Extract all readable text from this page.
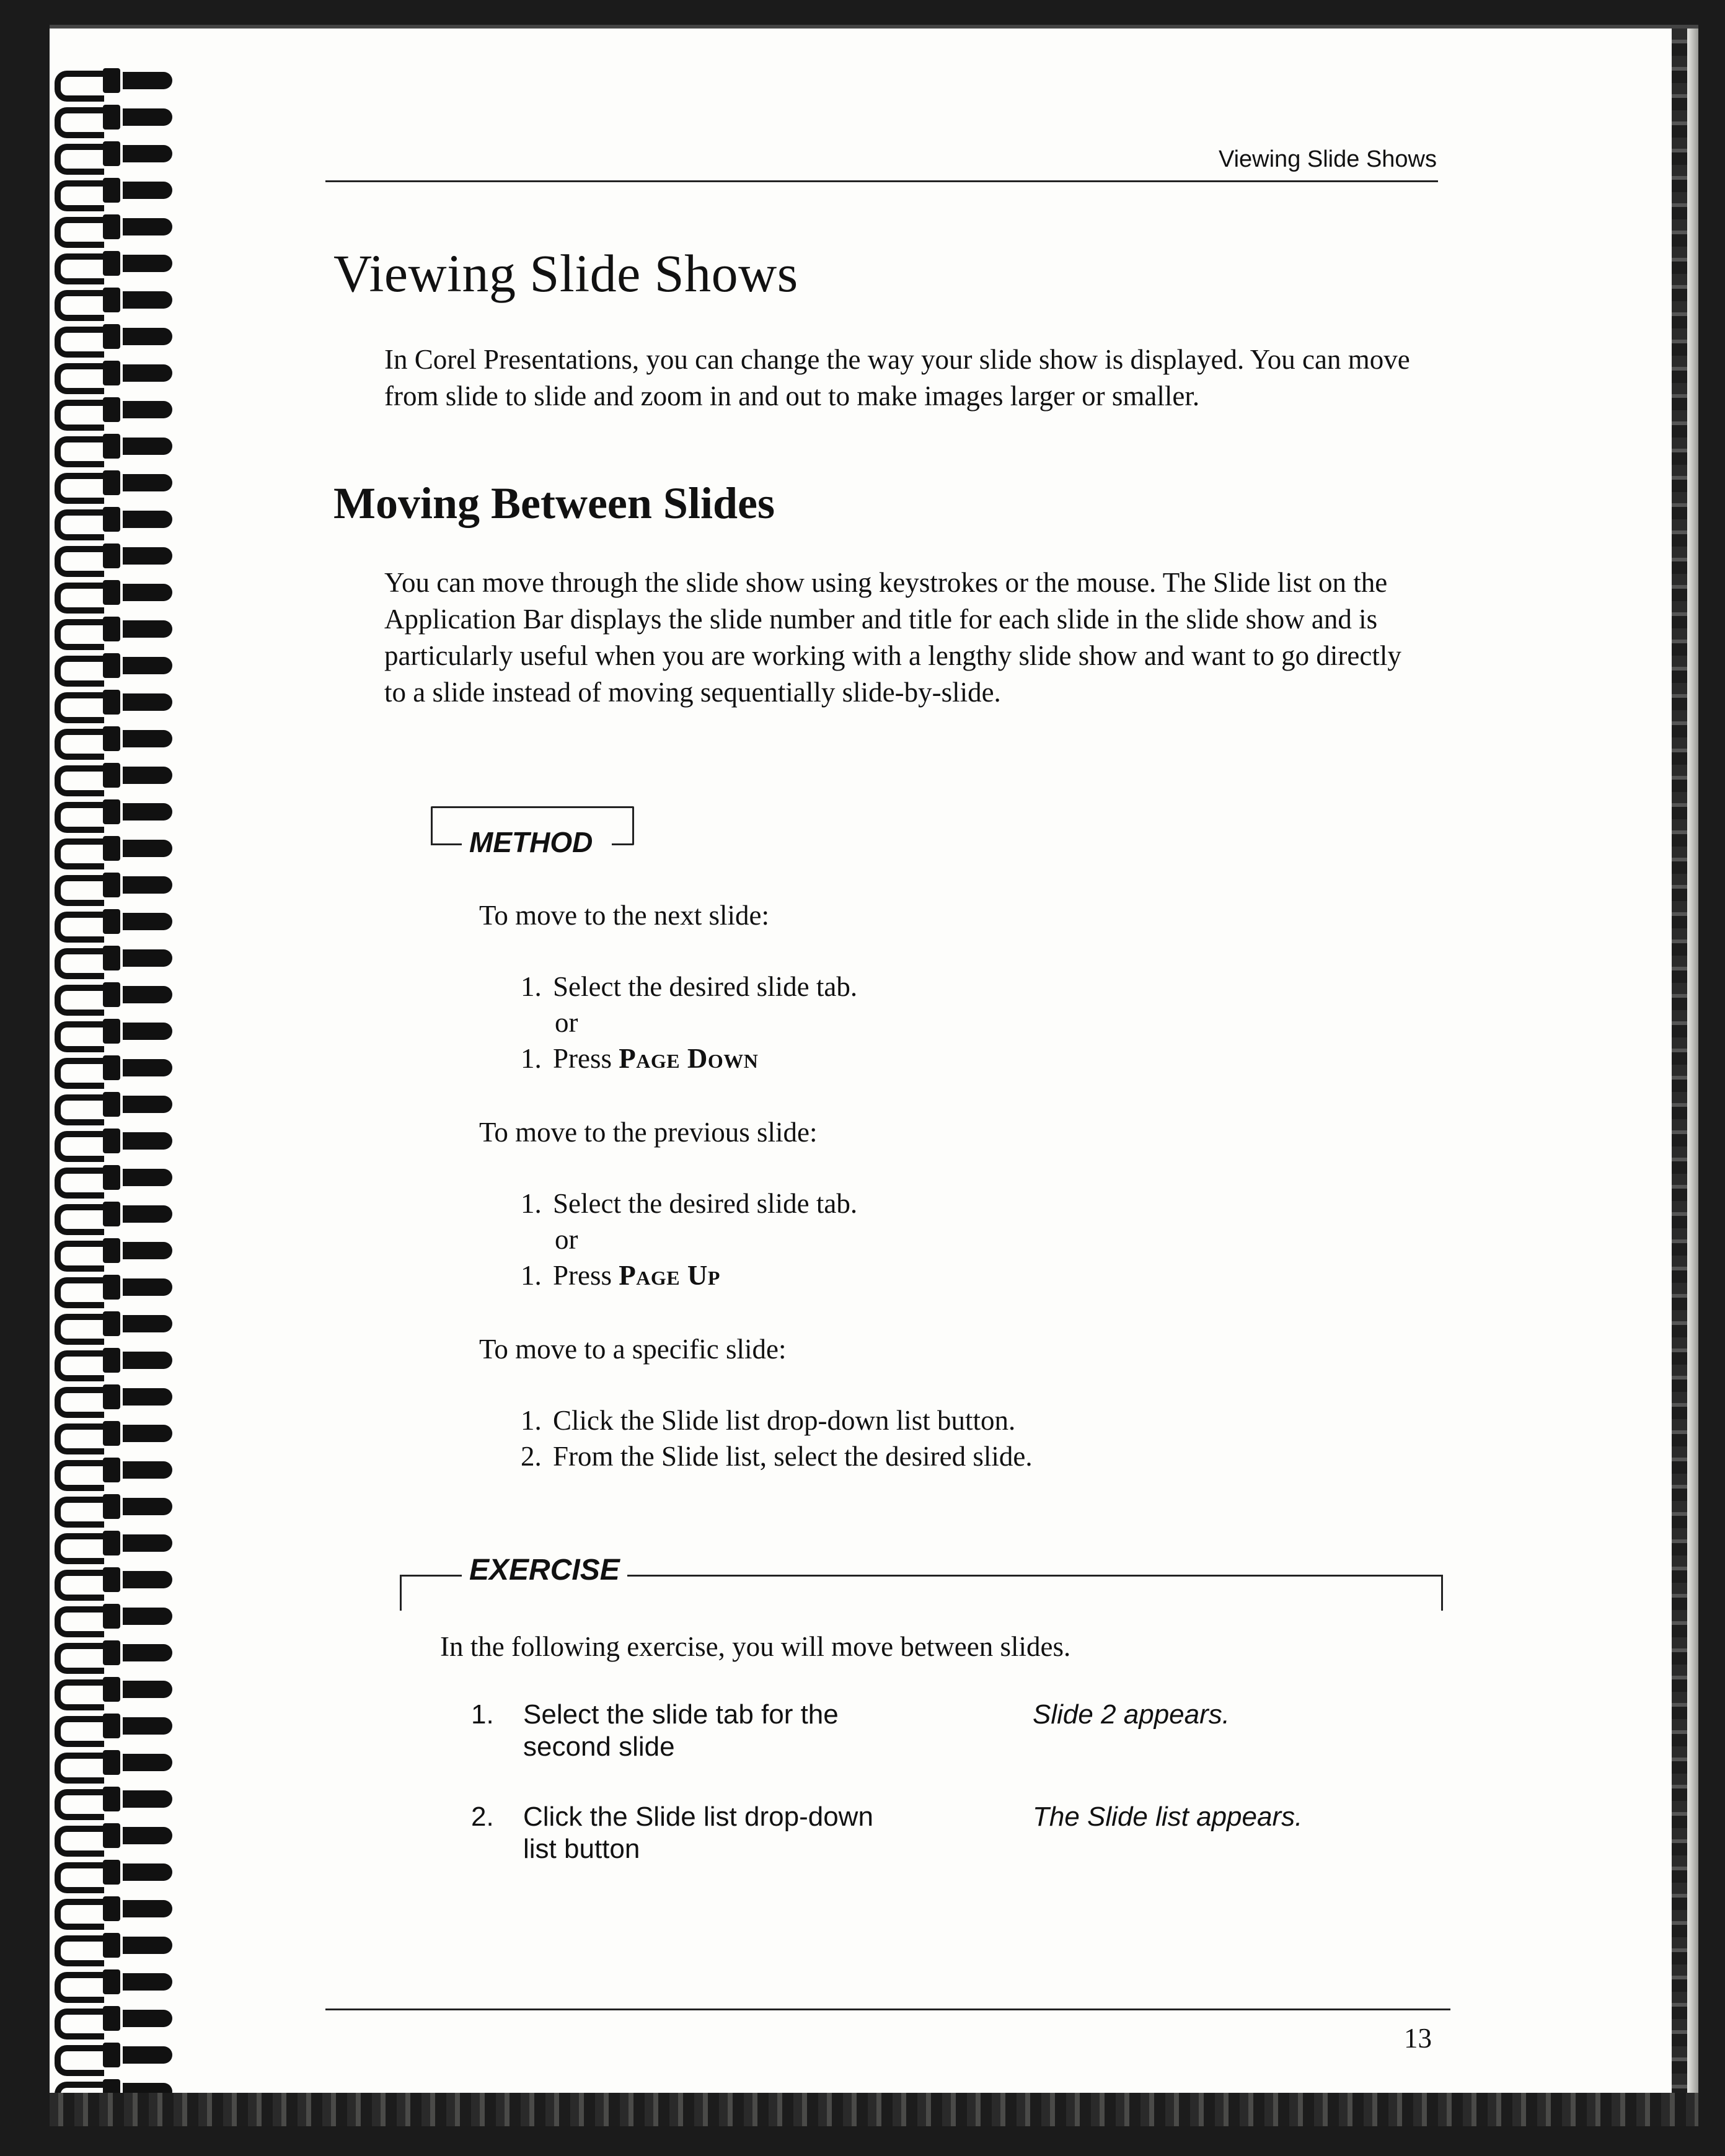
Viewing Slide Shows
Viewing Slide Shows

In Corel Presentations, you can change the way your slide show is displayed. You can move from slide to slide and zoom in and out to make images larger or smaller.

Moving Between Slides

You can move through the slide show using keystrokes or the mouse. The Slide list on the Application Bar displays the slide number and title for each slide in the slide show and is particularly useful when you are working with a lengthy slide show and want to go directly to a slide instead of moving sequentially slide-by-slide.

METHOD

To move to the next slide:

1. Select the desired slide tab.

or

1. Press Page Down

To move to the previous slide:

1. Select the desired slide tab.

or

1. Press Page Up

To move to a specific slide:

1. Click the Slide list drop-down list button.

2. From the Slide list, select the desired slide.

EXERCISE

In the following exercise, you will move between slides.

1. Select the slide tab for the second slide
Slide 2 appears.
2. Click the Slide list drop-down list button
The Slide list appears.
13
